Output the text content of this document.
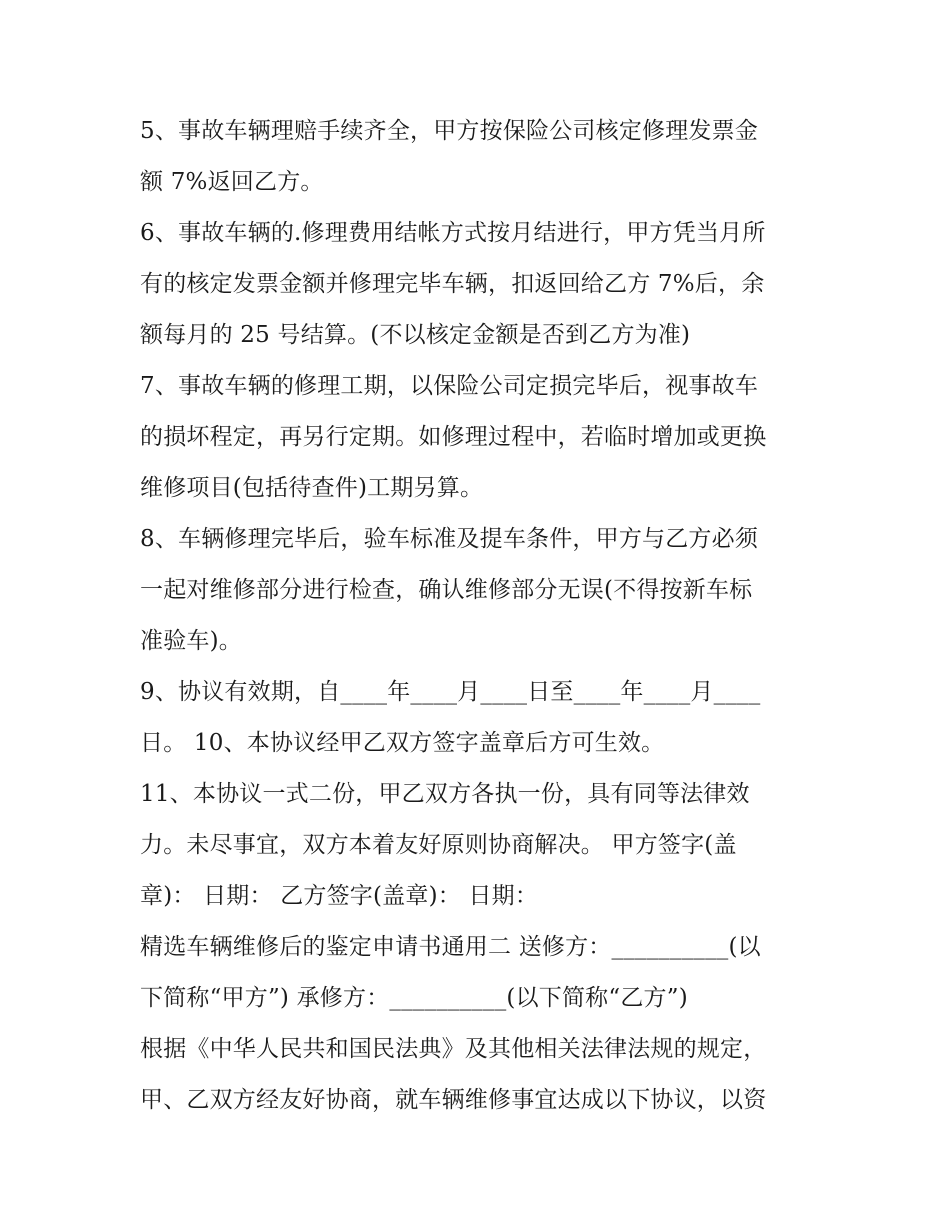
5、事故车辆理赔手续齐全，甲方按保险公司核定修理发票金
额 7%返回乙方。
6、事故车辆的.修理费用结帐方式按月结进行，甲方凭当月所
有的核定发票金额并修理完毕车辆，扣返回给乙方 7%后，余
额每月的 25 号结算。(不以核定金额是否到乙方为准)
7、事故车辆的修理工期，以保险公司定损完毕后，视事故车
的损坏程定，再另行定期。如修理过程中，若临时增加或更换
维修项目(包括待查件)工期另算。
8、车辆修理完毕后，验车标准及提车条件，甲方与乙方必须
一起对维修部分进行检查，确认维修部分无误(不得按新车标
准验车)。
9、协议有效期，自____年____月____日至____年____月____
日。 10、本协议经甲乙双方签字盖章后方可生效。
11、本协议一式二份，甲乙双方各执一份，具有同等法律效
力。未尽事宜，双方本着友好原则协商解决。 甲方签字(盖
章)： 日期： 乙方签字(盖章)： 日期：
精选车辆维修后的鉴定申请书通用二 送修方：__________(以
下简称“甲方”) 承修方：__________(以下简称“乙方”)
根据《中华人民共和国民法典》及其他相关法律法规的规定，
甲、乙双方经友好协商，就车辆维修事宜达成以下协议，以资
